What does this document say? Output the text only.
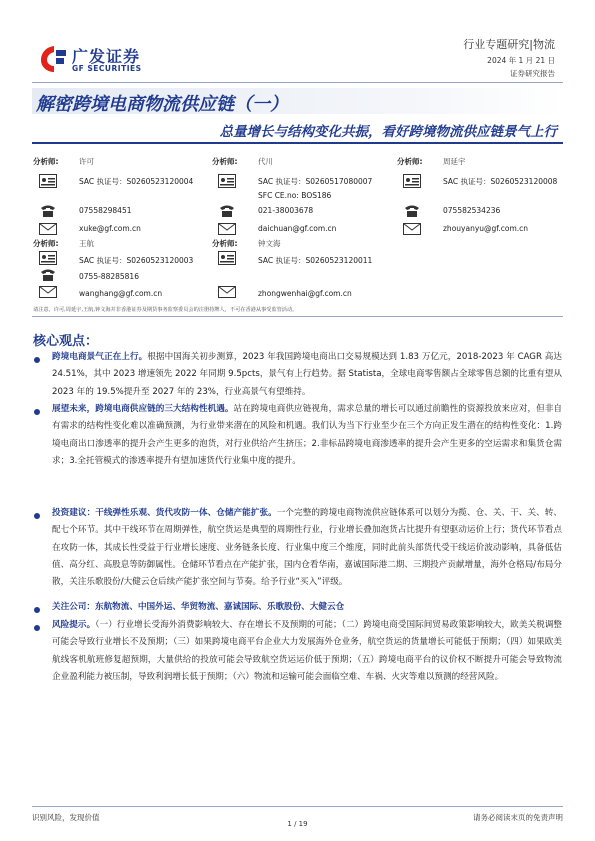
广发证券
GF SECURITIES
行业专题研究|物流
2024 年 1 月 21 日
证券研究报告
解密跨境电商物流供应链（一）
总量增长与结构变化共振，看好跨境物流供应链景气上行
分析师:	许可
SAC 执证号：S0260523120004
07558298451
xuke@gf.com.cn
分析师:	代川
SAC 执证号：S0260517080007
SFC CE.no: BOS186
021-38003678
daichuan@gf.com.cn
分析师:	周延宇
SAC 执证号：S0260523120008
075582534236
zhouyanyu@gf.com.cn
分析师:	王航
SAC 执证号：S0260523120003
0755-88285816
wanghang@gf.com.cn
分析师:	钟文海
SAC 执证号：S0260523120011
zhongwenhai@gf.com.cn
请注意，许可,周延宇,王航,钟文海并非香港证券及期货事务监察委员会的注册持牌人，不可在香港从事受监管活动。
核心观点：
跨境电商景气正在上行。根据中国海关初步测算，2023 年我国跨境电商出口交易规模达到 1.83 万亿元，2018-2023 年 CAGR 高达 24.51%，其中 2023 增速领先 2022 年同期 9.5pcts，景气有上行趋势。据 Statista，全球电商零售额占全球零售总额的比重有望从 2023 年的 19.5%提升至 2027 年的 23%，行业高景气有望维持。
展望未来，跨境电商供应链的三大结构性机遇。站在跨境电商供应链视角，需求总量的增长可以通过前瞻性的资源投放来应对，但非自有需求的结构性变化难以准确预测，为行业带来潜在的风险和机遇。我们认为当下行业至少在三个方向正发生潜在的结构性变化：1.跨境电商出口渗透率的提升会产生更多的泡货，对行业供给产生挤压；2.非标品跨境电商渗透率的提升会产生更多的空运需求和集货仓需求；3.全托管模式的渗透率提升有望加速货代行业集中度的提升。
投资建议：干线弹性乐观、货代攻防一体、仓储产能扩张。一个完整的跨境电商物流供应链体系可以划分为揽、仓、关、干、关、转、配七个环节。其中干线环节在周期弹性，航空货运是典型的周期性行业，行业增长叠加泡货占比提升有望驱动运价上行；货代环节看点在攻防一体，其成长性受益于行业增长速度、业务链条长度、行业集中度三个维度，同时此前头部货代受干线运价波动影响，具备低估值、高分红、高股息等防御属性。仓储环节看点在产能扩张，国内仓看华南，嘉诚国际港二期、三期投产贡献增量，海外仓格局/布局分散，关注乐歌股份/大健云仓后续产能扩张空间与节奏。给予行业“买入”评级。
关注公司：东航物流、中国外运、华贸物流、嘉诚国际、乐歌股份、大健云仓
风险提示。（一）行业增长受海外消费影响较大、存在增长不及预期的可能；（二）跨境电商受国际间贸易政策影响较大，欧美关税调整可能会导致行业增长不及预期；（三）如果跨境电商平台企业大力发展海外仓业务，航空货运的货量增长可能低于预期；（四）如果欧美航线客机航班修复超预期，大量供给的投放可能会导致航空货运运价低于预期；（五）跨境电商平台的议价权不断提升可能会导致物流企业盈利能力被压制，导致利润增长低于预期；（六）物流和运输可能会面临空难、车祸、火灾等难以预测的经营风险。
识别风险，发现价值	请务必阅读末页的免责声明
1 / 19
